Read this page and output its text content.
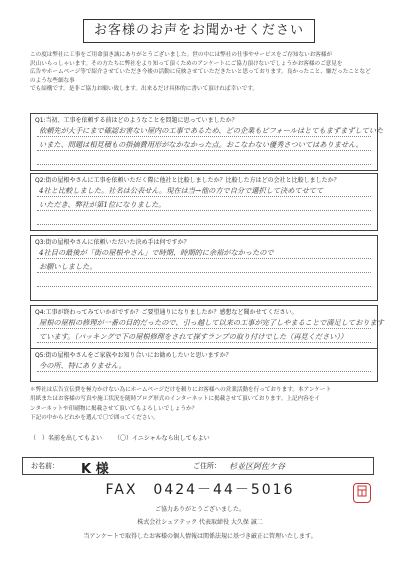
お客様のお声をお聞かせください
この度は弊社に工事をご用命頂き誠にありがとうございました。世の中には弊社の仕事やサービスをご存知ないお客様が
沢山いらっしゃいます。その方たちに弊社をより知って頂くためのアンケートにご協力頂けないでしょうかお客様のご意見を
広告やホームページ等で紹介させていただき今後の活動に反映させていただきたいと思っております。良かったこと、嫌だったことなどのような些細な事
でも結構です。是非ご協力お願い致します。出来るだけ具体的に書いて頂ければ幸いです。
Q1:当初、工事を依頼する前はどのようなことを問題に思っていましたか？
依頼先が大手にまで確認お害ない屋内の工事であるため、どの企業もビフォールはとてもまずまずしていた
いまた、問題は相見積もの指摘費用形がなかなかった点。おこなわない優秀さついてはありません。
Q2:街の屋根やさんに工事を依頼いただく際に他社と比較しましたか？比較した方はどの会社と比較しましたか？
4社と比較しました。社名は公表せん。現在は当→他の方で自分で選択して決めてせてて
いただき、弊社が第1位になりました。
Q3:街の屋根やさんに依頼いただいた決め手は何ですか？
4社目の最後が「街の屋根やさん」で時期、時期的に余裕がなかったので
お願いしました。
Q4:工事が終わってみていかがですか？ご要望通りになりましたか？感想など聞かせてください。
屋根の屋根の修理が一番の目的だったので、引っ越して以来の工事が完了しやまることで満足しております
ています。（パッキングで下の屋根修理をされて探すランプの取り付けでした（再見ください））
Q5:街の屋根やさんをご家族やお知り合いにお勧めしたいと思いますか？
今の所、特にありません。
＊弊社は広告宣伝費を極力かけない為にホームページだけを頼りにお客様への営業活動を行っております。本アンケート
用紙またはお客様の写真や施工状況を随時ブログ形式のインターネットに掲載させて頂いております。上記内容をイ
ンターネットや印刷物に掲載させて頂いてもよろしいでしょうか？
下記の中からどれかを選んで〇で囲ってください。
（　）名前を出してもよい （〇）イニシャルなら出してもよい
お名前： K 様	ご住所： 杉並区阿佐ケ谷
FAX　0424－44－5016
ご協力ありがとうございました。
株式会社シェアテック 代表取締役 大久保 誠二
当アンケートで取得したお客様の個人情報は関係法規に基づき厳正に管理いたします。
